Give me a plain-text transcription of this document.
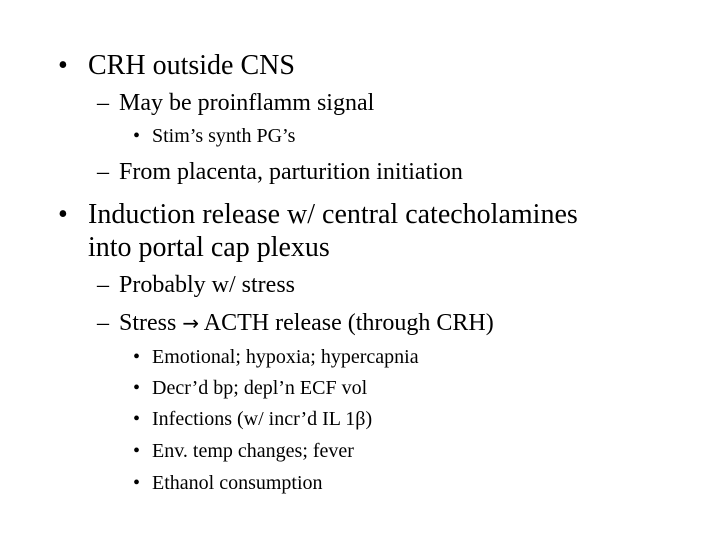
• CRH outside CNS
– May be proinflamm signal
• Stim’s synth PG’s
– From placenta, parturition initiation
• Induction release w/ central catecholamines
into portal cap plexus
– Probably w/ stress
– Stress → ACTH release (through CRH)
• Emotional; hypoxia; hypercapnia
• Decr’d bp; depl’n ECF vol
• Infections (w/ incr’d IL 1β)
• Env. temp changes; fever
• Ethanol consumption
